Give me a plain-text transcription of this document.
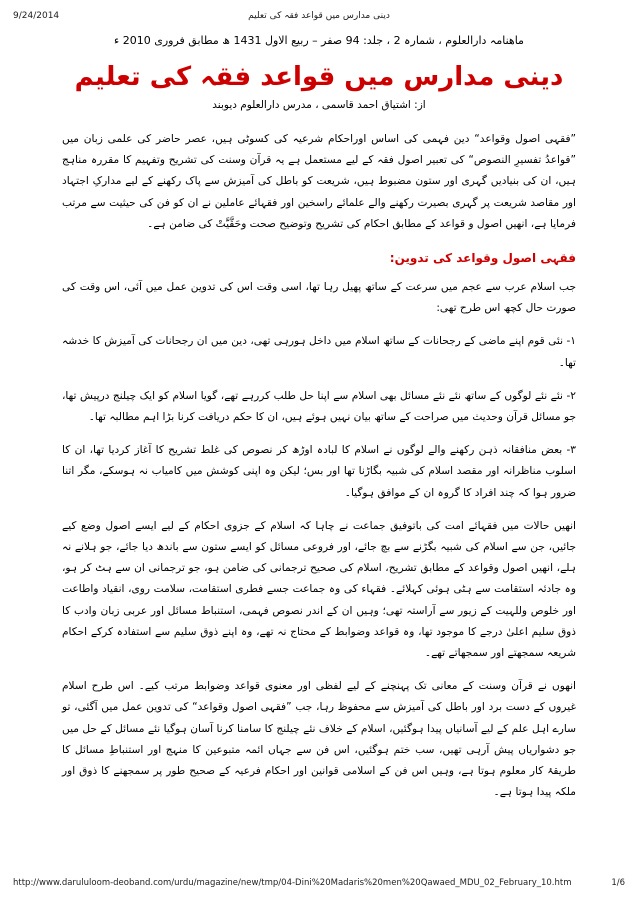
9/24/2014	دینی مدارس میں قواعد فقہ کی تعلیم
ماھنامہ دارالعلوم ، شمارہ 2 ، جلد: 94 صفر – ربیع الاول 1431 ھ مطابق فروری 2010 ء
دینی مدارس میں قواعد فقہ کی تعلیم
از: اشتیاق احمد قاسمی ، مدرس دارالعلوم دیوبند

”فقہی اصول وقواعد“ دین فہمی کی اساس اوراحکام شرعیہ کی کسوٹی ہیں، عصر حاضر کی علمی زبان میں ”قواعدُ تفسیرِ النصوص“ کی تعبیر اصول فقہ کے لیے مستعمل ہے یہ قرآن وسنت کی تشریح وتفہیم کا مقررہ مناہج ہیں، ان کی بنیادیں گہری اور ستون مضبوط ہیں، شریعت کو باطل کی آمیزش سے پاک رکھنے کے لیے مدارکِ اجتہاد اور مقاصد شریعت پر گہری بصیرت رکھنے والے علمائے راسخین اور فقہائے عاملین نے ان کو فن کی حیثیت سے مرتب فرمایا ہے، انھیں اصول و قواعد کے مطابق احکام کی تشریح وتوضیح صحت وحَقَّیَّتْ کی ضامن ہے۔

فقہی اصول وقواعد کی تدوین:

جب اسلام عرب سے عجم میں سرعت کے ساتھ پھیل رہا تھا، اسی وقت اس کی تدوین عمل میں آئی، اس وقت کی صورت حال کچھ اس طرح تھی:

۱- نئی قوم اپنے ماضی کے رجحانات کے ساتھ اسلام میں داخل ہورہی تھی، دین میں ان رجحانات کی آمیزش کا خدشہ تھا۔

۲- نئے نئے لوگوں کے ساتھ نئے نئے مسائل بھی اسلام سے اپنا حل طلب کررہے تھے، گویا اسلام کو ایک چیلنج درپیش تھا، جو مسائل قرآن وحدیث میں صراحت کے ساتھ بیان نہیں ہوئے ہیں، ان کا حکم دریافت کرنا بڑا اہم مطالبہ تھا۔

۳- بعض منافقانہ ذہن رکھنے والے لوگوں نے اسلام کا لبادہ اوڑھ کر نصوص کی غلط تشریح کا آغاز کردیا تھا، ان کا اسلوب مناظرانہ اور مقصد اسلام کی شبیہ بگاڑنا تھا اور بس؛ لیکن وہ اپنی کوشش میں کامیاب نہ ہوسکے، مگر اتنا ضرور ہوا کہ چند افراد کا گروہ ان کے موافق ہوگیا۔

انھیں حالات میں فقہائے امت کی باتوفیق جماعت نے چاہا کہ اسلام کے جزوی احکام کے لیے ایسے اصول وضع کیے جائیں، جن سے اسلام کی شبیہ بگڑنے سے بچ جائے، اور فروعی مسائل کو ایسے ستون سے باندھ دیا جائے، جو ہلانے نہ ہلے، انھیں اصول وقواعد کے مطابق تشریح، اسلام کی صحیح ترجمانی کی ضامن ہو، جو ترجمانی ان سے ہٹ کر ہو، وہ جادئہ استقامت سے ہٹی ہوئی کہلائے۔ فقہاء کی وہ جماعت جسے فطری استقامت، سلامت روی، انقیاد واطاعت اور خلوص وللہیت کے زیور سے آراستہ تھی؛ وہیں ان کے اندر نصوص فہمی، استنباط مسائل اور عربی زبان وادب کا ذوق سلیم اعلیٰ درجے کا موجود تھا، وہ قواعد وضوابط کے محتاج نہ تھے، وہ اپنے ذوق سلیم سے استفادہ کرکے احکام شریعہ سمجھتے اور سمجھاتے تھے۔

انھوں نے قرآن وسنت کے معانی تک پہنچنے کے لیے لفظی اور معنوی قواعد وضوابط مرتب کیے۔ اس طرح اسلام غیروں کے دست برد اور باطل کی آمیزش سے محفوظ رہا، جب ”فقہی اصول وقواعد“ کی تدوین عمل میں آگئی، تو سارے اہل علم کے لیے آسانیاں پیدا ہوگئیں، اسلام کے خلاف نئے چیلنج کا سامنا کرنا آسان ہوگیا نئے مسائل کے حل میں جو دشواریاں پیش آرہی تھیں، سب ختم ہوگئیں، اس فن سے جہاں ائمہ متبوعین کا منہج اور استنباطِ مسائل کا طریقۂ کار معلوم ہوتا ہے، وہیں اس فن کے اسلامی قوانین اور احکام فرعیہ کے صحیح طور پر سمجھنے کا ذوق اور ملکہ پیدا ہوتا ہے۔

http://www.darululoom-deoband.com/urdu/magazine/new/tmp/04-Dini%20Madaris%20men%20Qawaed_MDU_02_February_10.htm	1/6
